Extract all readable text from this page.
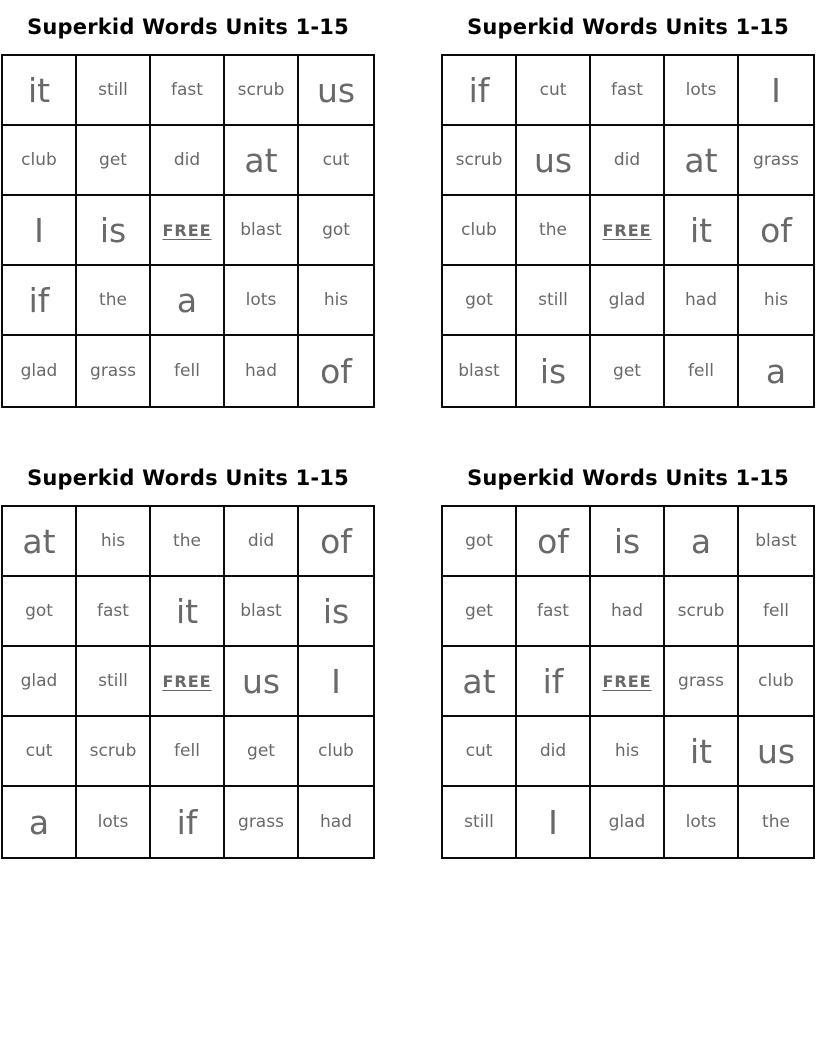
Superkid Words Units 1-15
it	still	fast scrub us
club get	did at	cut
I is FREE blast got
if	the a	lots	his
glad grass fell	had of
Superkid Words Units 1-15
if	cut	fast	lots I
scrub us did at grass
club the FREE it of
got	still glad had	his
blast is	get	fell a
Superkid Words Units 1-15
at	his	the	did of
got	fast it blast is
glad still FREE us I
cut scrub fell	get	club
a	lots if grass had
Superkid Words Units 1-15
got of is a	blast
get	fast had scrub fell
at if FREE grass club
cut	did	his it us
still I	glad lots	the
